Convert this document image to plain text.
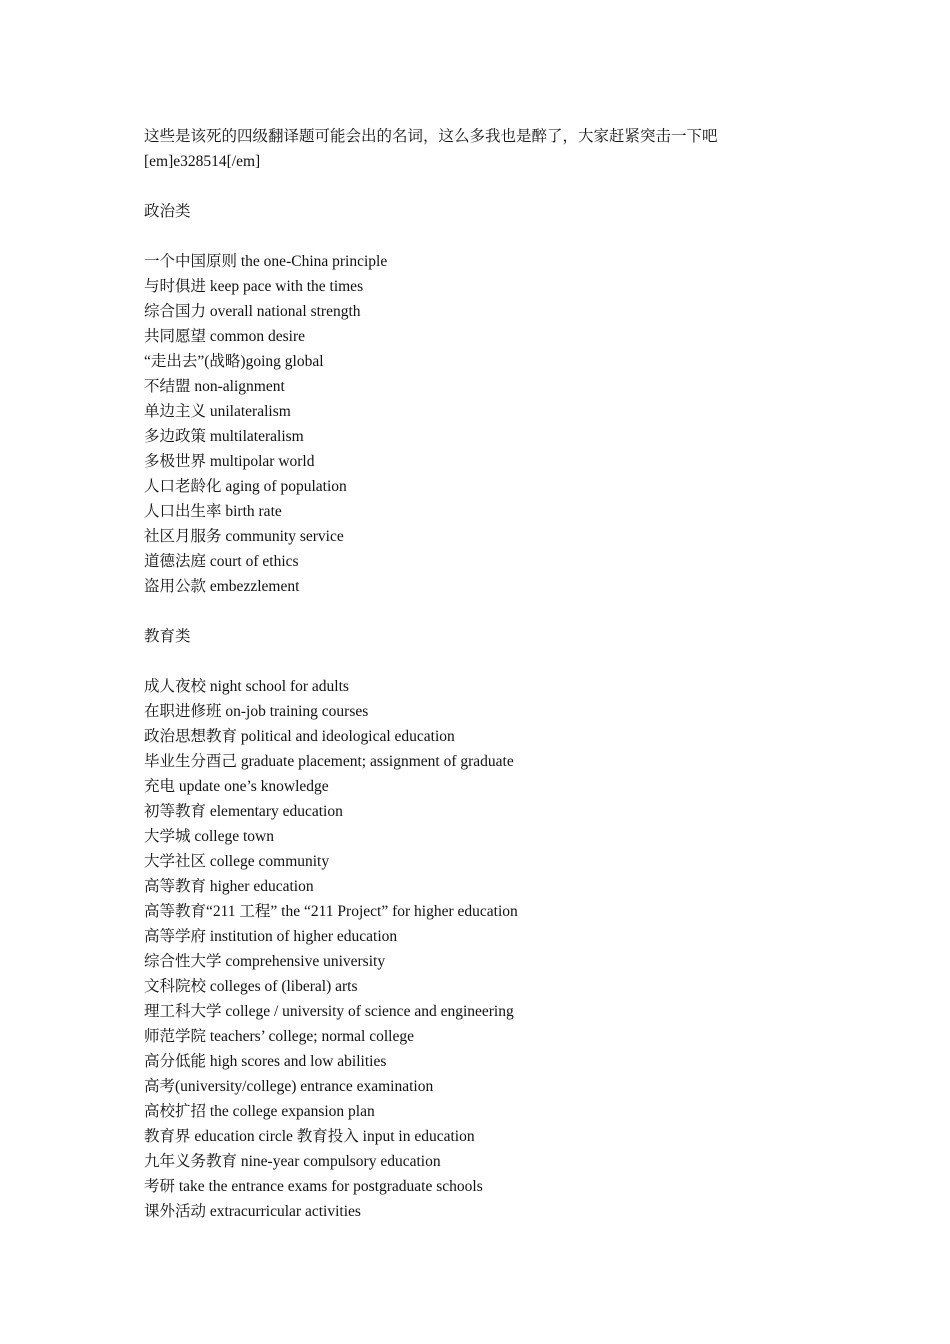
这些是该死的四级翻译题可能会出的名词，这么多我也是醉了，大家赶紧突击一下吧
[em]e328514[/em]

政治类
一个中国原则 the one-China principle
与时俱进 keep pace with the times
综合国力 overall national strength
共同愿望 common desire
“走出去”(战略)going global
不结盟 non-alignment
单边主义 unilateralism
多边政策 multilateralism
多极世界 multipolar world
人口老龄化 aging of population
人口出生率 birth rate
社区月服务 community service
道德法庭 court of ethics
盗用公款 embezzlement
教育类
成人夜校 night school for adults
在职进修班 on-job training courses
政治思想教育 political and ideological education
毕业生分酉己 graduate placement; assignment of graduate
充电 update one’s knowledge
初等教育 elementary education
大学城 college town
大学社区 college community
高等教育 higher education
高等教育“211 工程” the “211 Project” for higher education
高等学府 institution of higher education
综合性大学 comprehensive university
文科院校 colleges of (liberal) arts
理工科大学 college / university of science and engineering
师范学院 teachers’ college; normal college
高分低能 high scores and low abilities
高考(university/college) entrance examination
高校扩招 the college expansion plan
教育界 education circle 教育投入 input in education
九年义务教育 nine-year compulsory education
考研 take the entrance exams for postgraduate schools
课外活动 extracurricular activities
